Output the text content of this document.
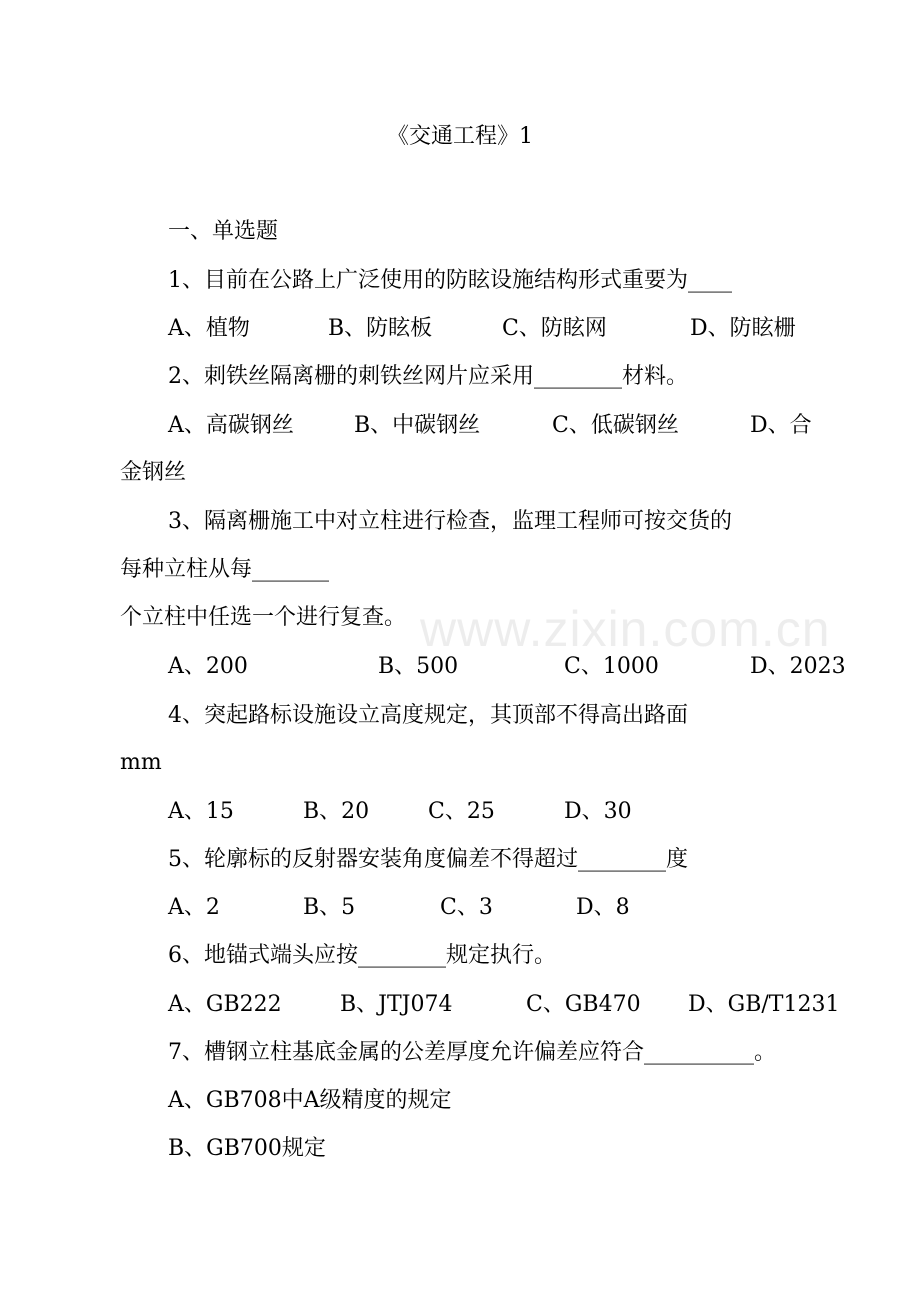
www.zixin.com.cn
《交通工程》1
一、单选题
1、目前在公路上广泛使用的防眩设施结构形式重要为____
A、植物	B、防眩板	C、防眩网	D、防眩栅
2、刺铁丝隔离栅的刺铁丝网片应采用________材料。
A、高碳钢丝	B、中碳钢丝	C、低碳钢丝	D、合
金钢丝
3、隔离栅施工中对立柱进行检查，监理工程师可按交货的
每种立柱从每_______
个立柱中任选一个进行复查。
A、200	B、500	C、1000	D、2023
4、突起路标设施设立高度规定，其顶部不得高出路面
mm
A、15	B、20	C、25	D、30
5、轮廓标的反射器安装角度偏差不得超过________度
A、2	B、5	C、3	D、8
6、地锚式端头应按________规定执行。
A、GB222	B、JTJ074	C、GB470 D、GB/T1231
7、槽钢立柱基底金属的公差厚度允许偏差应符合__________。
A、GB708中A级精度的规定
B、GB700规定
